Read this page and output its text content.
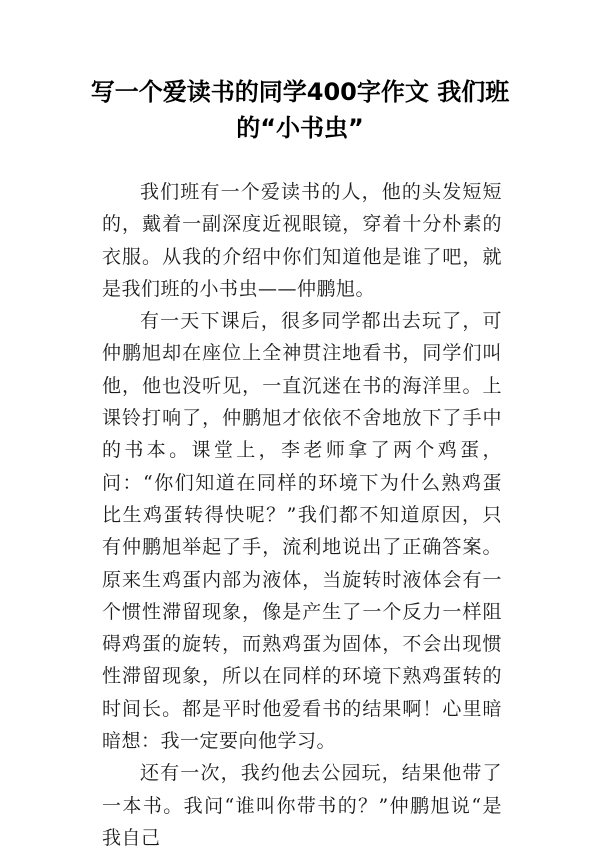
写一个爱读书的同学400字作文 我们班的“小书虫”

我们班有一个爱读书的人，他的头发短短的，戴着一副深度近视眼镜，穿着十分朴素的衣服。从我的介绍中你们知道他是谁了吧，就是我们班的小书虫——仲鹏旭。

有一天下课后，很多同学都出去玩了，可仲鹏旭却在座位上全神贯注地看书，同学们叫他，他也没听见，一直沉迷在书的海洋里。上课铃打响了，仲鹏旭才依依不舍地放下了手中的书本。课堂上，李老师拿了两个鸡蛋，问：“你们知道在同样的环境下为什么熟鸡蛋比生鸡蛋转得快呢？”我们都不知道原因，只有仲鹏旭举起了手，流利地说出了正确答案。原来生鸡蛋内部为液体，当旋转时液体会有一个惯性滞留现象，像是产生了一个反力一样阻碍鸡蛋的旋转，而熟鸡蛋为固体，不会出现惯性滞留现象，所以在同样的环境下熟鸡蛋转的时间长。都是平时他爱看书的结果啊！心里暗暗想：我一定要向他学习。

还有一次，我约他去公园玩，结果他带了一本书。我问“谁叫你带书的？”仲鹏旭说“是我自己
